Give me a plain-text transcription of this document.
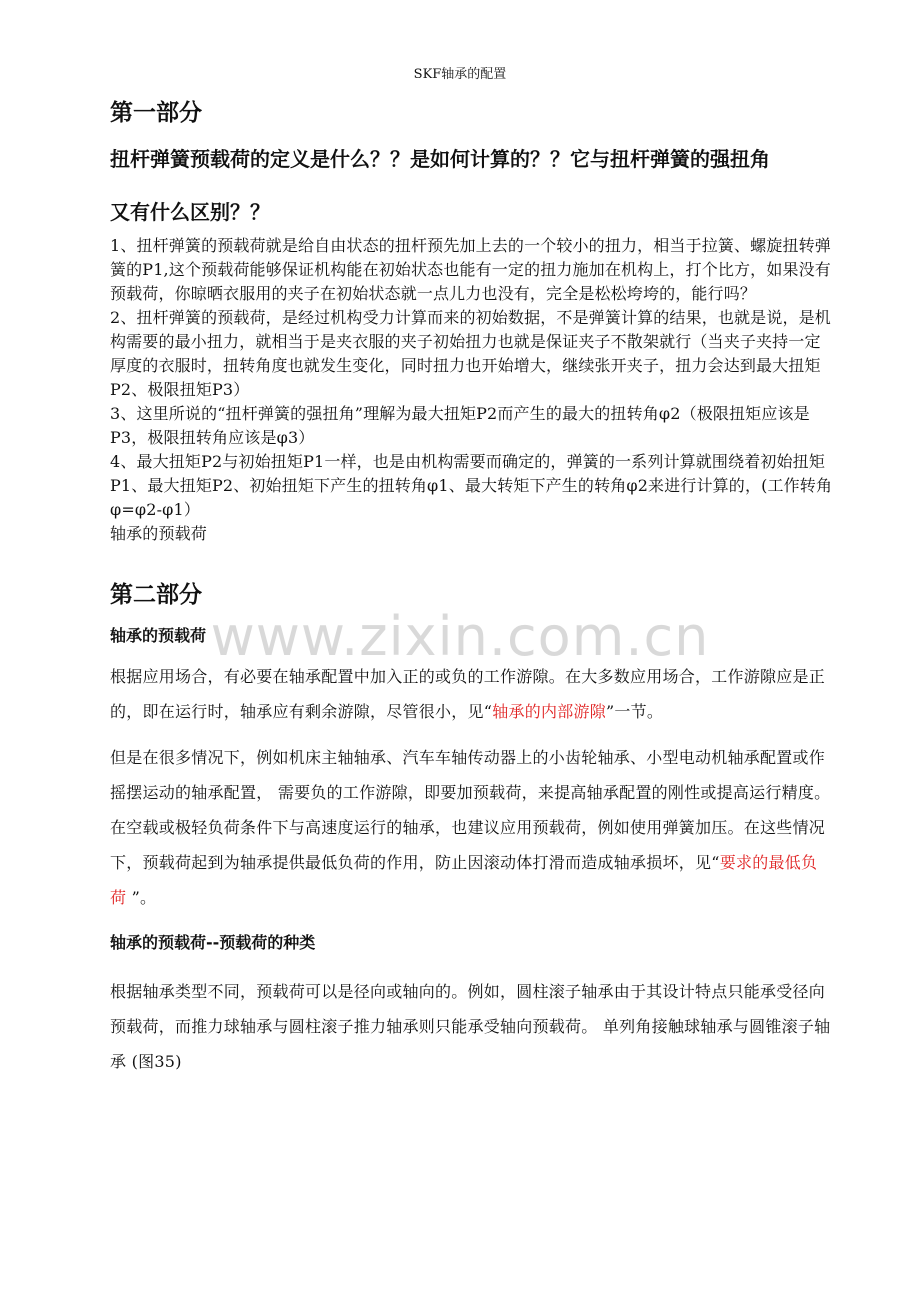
SKF轴承的配置
第一部分
扭杆弹簧预载荷的定义是什么？？是如何计算的？？它与扭杆弹簧的强扭角
又有什么区别？？

1、扭杆弹簧的预载荷就是给自由状态的扭杆预先加上去的一个较小的扭力，相当于拉簧、螺旋扭转弹簧的P1,这个预载荷能够保证机构能在初始状态也能有一定的扭力施加在机构上，打个比方，如果没有预载荷，你晾晒衣服用的夹子在初始状态就一点儿力也没有，完全是松松垮垮的，能行吗？

2、扭杆弹簧的预载荷，是经过机构受力计算而来的初始数据，不是弹簧计算的结果，也就是说，是机构需要的最小扭力，就相当于是夹衣服的夹子初始扭力也就是保证夹子不散架就行（当夹子夹持一定厚度的衣服时，扭转角度也就发生变化，同时扭力也开始增大，继续张开夹子，扭力会达到最大扭矩P2、极限扭矩P3）

3、这里所说的“扭杆弹簧的强扭角”理解为最大扭矩P2而产生的最大的扭转角φ2（极限扭矩应该是P3，极限扭转角应该是φ3）

4、最大扭矩P2与初始扭矩P1一样，也是由机构需要而确定的，弹簧的一系列计算就围绕着初始扭矩P1、最大扭矩P2、初始扭矩下产生的扭转角φ1、最大转矩下产生的转角φ2来进行计算的，(工作转角φ=φ2-φ1）

轴承的预载荷

第二部分
www.zixin.com.cn
轴承的预载荷

根据应用场合，有必要在轴承配置中加入正的或负的工作游隙。在大多数应用场合，工作游隙应是正的，即在运行时，轴承应有剩余游隙，尽管很小，见“轴承的内部游隙”一节。

但是在很多情况下，例如机床主轴轴承、汽车车轴传动器上的小齿轮轴承、小型电动机轴承配置或作摇摆运动的轴承配置， 需要负的工作游隙，即要加预载荷，来提高轴承配置的刚性或提高运行精度。在空载或极轻负荷条件下与高速度运行的轴承，也建议应用预载荷，例如使用弹簧加压。在这些情况下，预载荷起到为轴承提供最低负荷的作用，防止因滚动体打滑而造成轴承损坏，见“要求的最低负荷 ”。

轴承的预载荷--预载荷的种类
根据轴承类型不同，预载荷可以是径向或轴向的。例如，圆柱滚子轴承由于其设计特点只能承受径向预载荷，而推力球轴承与圆柱滚子推力轴承则只能承受轴向预载荷。 单列角接触球轴承与圆锥滚子轴承 (图35)
